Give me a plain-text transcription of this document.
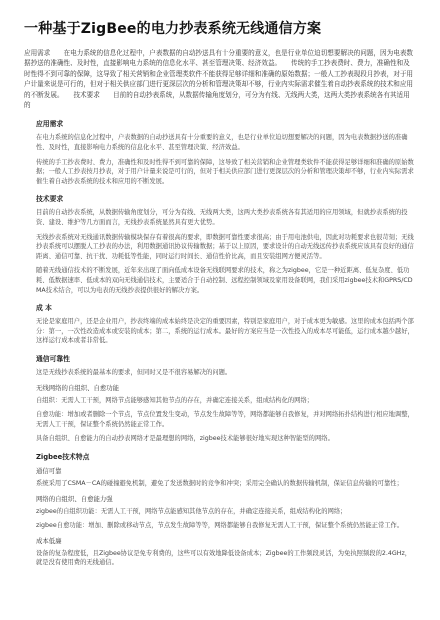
一种基于ZigBee的电力抄表系统无线通信方案

应用需求　　在电力系统的信息化过程中，户表数据的自动抄送具有十分重要的意义，也是行业单位迫切想要解决的问题，因为电表数据抄送的准确性、及时性，直接影响电力系统的信息化水平、甚至管理决策、经济效益。　　传统的手工抄表费时、费力，准确性和及时性得不到可靠的保障，这导致了相关营销和企业管理类软件不能获得足够详细和准确的原始数据；一般人工抄表现段月抄表，对于用户计量来说是可行的，但对于相关供应部门进行更深层次的分析和管理决策却不够，行业内实际需求催生着自动抄表系统的技术和应用的不断发展。　　技术要求　　目前的自动抄表系统，从数据传输角度划分，可分为有线、无线两大类，这两大类抄表系统各有其适用的

应用需求

在电力系统的信息化过程中，户表数据的自动抄送具有十分重要的意义，也是行业单位迫切想要解决的问题，因为电表数据抄送的准确性、及时性，直接影响电力系统的信息化水平、甚至管理决策、经济效益。

传统的手工抄表费时、费力，准确性和及时性得不到可靠的保障，这导致了相关营销和企业管理类软件不能获得足够详细和准确的原始数据；一般人工抄表按月抄表，对于用户计量来说是可行的，但对于相关供应部门进行更深层次的分析和管理决策却不够，行业内实际需求催生着自动抄表系统的技术和应用的不断发展。

技术要求

目前的自动抄表系统，从数据传输角度划分，可分为有线、无线两大类，这两大类抄表系统各有其适用的应用领域，但就抄表系统的投资、建设、维护等几方面而言，无线抄表系统显然具有更大优势。

无线抄表系统对无线通讯数据传输模块保存有着很高的要求，即数据可靠性要求很高；由于用电池供电，因此对功耗要求也很苛刻；无线抄表系统可以摆脱人工抄表的办法，利用数据通讯协议传输数据；基于以上原因，要求设计的自动无线远传抄表系统应该具有良好的通信距离、通信可靠、抗干扰、功耗低等性能，同时运行时间长、通信性价比高，而且安装组网方便灵活等。

随着无线通信技术的不断发展，近年来出现了面向低成本设备无线联网要求的技术，称之为zigbee，它是一种近距离、低复杂度、低功耗、低数据速率、低成本的双向无线通信技术，主要适合于自动控制、远程控制领域及家用设备联网，我们采用zigbee技术和GPRS/CDMA技术结合，可以为电表的无线抄表提供很好的解决方案。

成 本

无论是家庭用户，还是企业用户，抄表终端的成本始终是决定的重要因素，特别是家庭用户，对于成本更为敏感。这里的成本包括两个部分：第一，一次性改造成本或安装的成本；第二，系统的运行成本。最好的方案应当是一次性投入的成本尽可能低，运行成本越少越好，这样运行成本或者非常低。

通信可靠性

这是无线抄表系统的最基本的要求，但同时又是不很容易解决的问题。

无线网络的自组织、自愈功能

自组织：无需人工干预，网络节点能够感知其他节点的存在，并确定连接关系，组成结构化的网络；

自愈功能：增加或者删除一个节点，节点位置发生变动，节点发生故障等等，网络都能够自我修复，并对网络拓扑结构进行相应地调整，无需人工干预，保证整个系统仍然能正常工作。

具备自组织、自愈能力的自动抄表网络才是最理想的网络，zigbee技术能够很好地实现这种智能型的网络。

Zigbee技术特点
通信可靠

系统采用了CSMA－CA的碰撞避免机制，避免了发送数据时的竞争和冲突；采用完全确认的数据传输机制，保证信息传输的可靠性；

网络的自组织、自愈能力强

zigbee的自组织功能：无需人工干预，网络节点能感知其他节点的存在，并确定连接关系，组成结构化的网络；

zigbee自愈功能：增加、删除或移动节点，节点发生故障等等，网络都能够自我修复无需人工干预，保证整个系统仍然能正常工作。

成本低廉

设备的复杂程度低，且Zigbee协议是免专利费的，这些可以有效地降低设备成本；Zigbee的工作频段灵活，为免执照频段的2.4GHz，就是没有使用费的无线通信。
